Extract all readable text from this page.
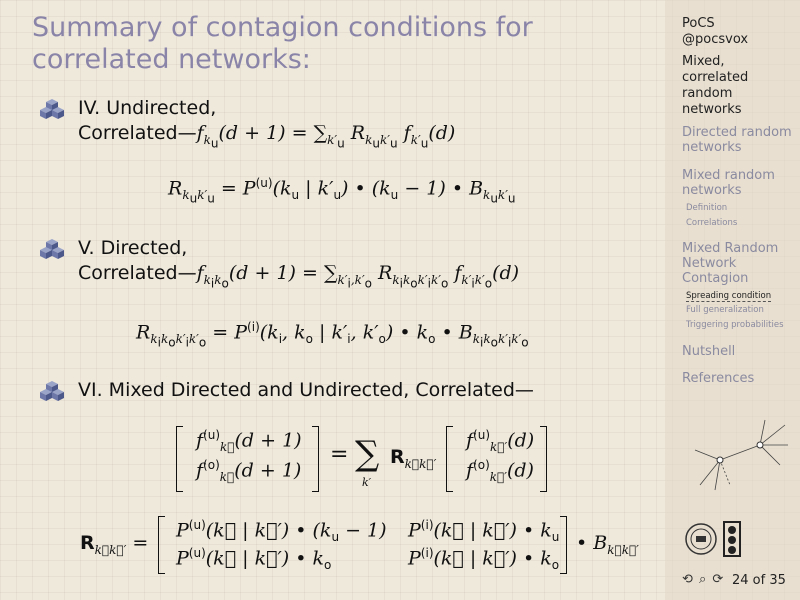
Summary of contagion conditions for correlated networks:
IV. Undirected,
$Correlated—f_{k_u}(d + 1) = \sum_{k'_u}$ $R_{k_uk'_u}$ $f_{k'_u}(d)$
$R_{k_uk'_u} = P^{(u)}(k_u$ | $k'_u$) • $(k_u - 1)$ • $B_{k_uk'_u}$
V. Directed,
$Correlated—f_{k_ik_o}(d + 1) = \sum_{k'_i,k'_o}$ $R_{k_ik_ok'_ik'_o}$ $f_{k'_ik'_o}(d)$
$R_{k_ik_ok'_ik'_o} = P^{(i)}(k_i$, $k_o$ | $k'_i$, $k'_o$) • $k_o$ • $B_{k_ik_ok'_ik'_o}$
VI. Mixed Directed and Undirected, Correlated—
$f^{(u)}_{k⃗}(d + 1)$
$f^{(o)}_{k⃗}(d + 1)$
= ∑
k′
$R_{k⃗k⃗'}$
$f^{(u)}_{k⃗'}(d)$
$f^{(o)}_{k⃗'}(d)$
$R_{k⃗k⃗'}$ =
$P^{(u)}(k⃗$ | k⃗′) • $(k_u - 1)$
$P^{(u)}(k⃗$ | k⃗′) • $k_o$
$P^{(i)}(k⃗$ | k⃗′) • $k_u$
$P^{(i)}(k⃗$ | k⃗′) • $k_o$
• $B_{k⃗k⃗'}$
PoCS
@pocsvox
Mixed, correlated random networks
Directed random networks
Mixed random networks
Definition
Correlations
Mixed Random Network Contagion
Spreading condition
Full generalization
Triggering probabilities
Nutshell
References
⟲ ⌕ ⟳ 24 of 35
